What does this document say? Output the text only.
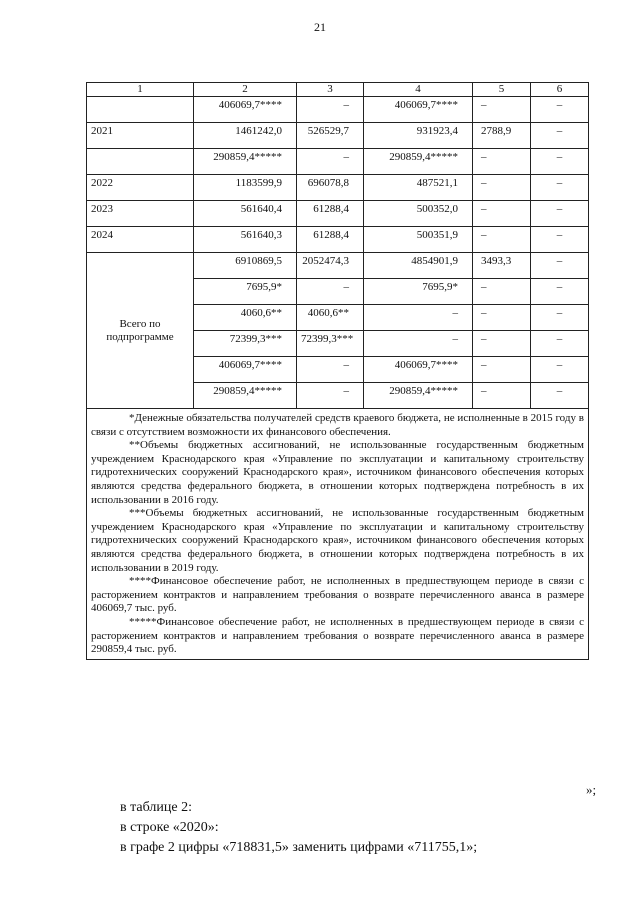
21
1	2	3	4	5	6
	406069,7****	–	406069,7****	–	–
2021	1461242,0	526529,7	931923,4	2788,9	–
	290859,4*****	–	290859,4*****	–	–
2022	1183599,9	696078,8	487521,1	–	–
2023	561640,4	61288,4	500352,0	–	–
2024	561640,3	61288,4	500351,9	–	–
Всего по
подпрограмме	6910869,5	2052474,3	4854901,9	3493,3	–
	7695,9*	–	7695,9*	–	–
	4060,6**	4060,6**	–	–	–
	72399,3***	72399,3***	–	–	–
	406069,7****	–	406069,7****	–	–
	290859,4*****	–	290859,4*****	–	–

*Денежные обязательства получателей средств краевого бюджета, не исполненные в 2015 году в связи с отсутствием возможности их финансового обеспечения.

**Объемы бюджетных ассигнований, не использованные государственным бюджетным учреждением Краснодарского края «Управление по эксплуатации и капитальному строительству гидротехнических сооружений Краснодарского края», источником финансового обеспечения которых являются средства федерального бюджета, в отношении которых подтверждена потребность в их использовании в 2016 году.

***Объемы бюджетных ассигнований, не использованные государственным бюджетным учреждением Краснодарского края «Управление по эксплуатации и капитальному строительству гидротехнических сооружений Краснодарского края», источником финансового обеспечения которых являются средства федерального бюджета, в отношении которых подтверждена потребность в их использовании в 2019 году.

****Финансовое обеспечение работ, не исполненных в предшествующем периоде в связи с расторжением контрактов и направлением требования о возврате перечисленного аванса в размере 406069,7 тыс. руб.

*****Финансовое обеспечение работ, не исполненных в предшествующем периоде в связи с расторжением контрактов и направлением требования о возврате перечисленного аванса в размере 290859,4 тыс. руб.					

»;
в таблице 2:
в строке «2020»:
в графе 2 цифры «718831,5» заменить цифрами «711755,1»;
